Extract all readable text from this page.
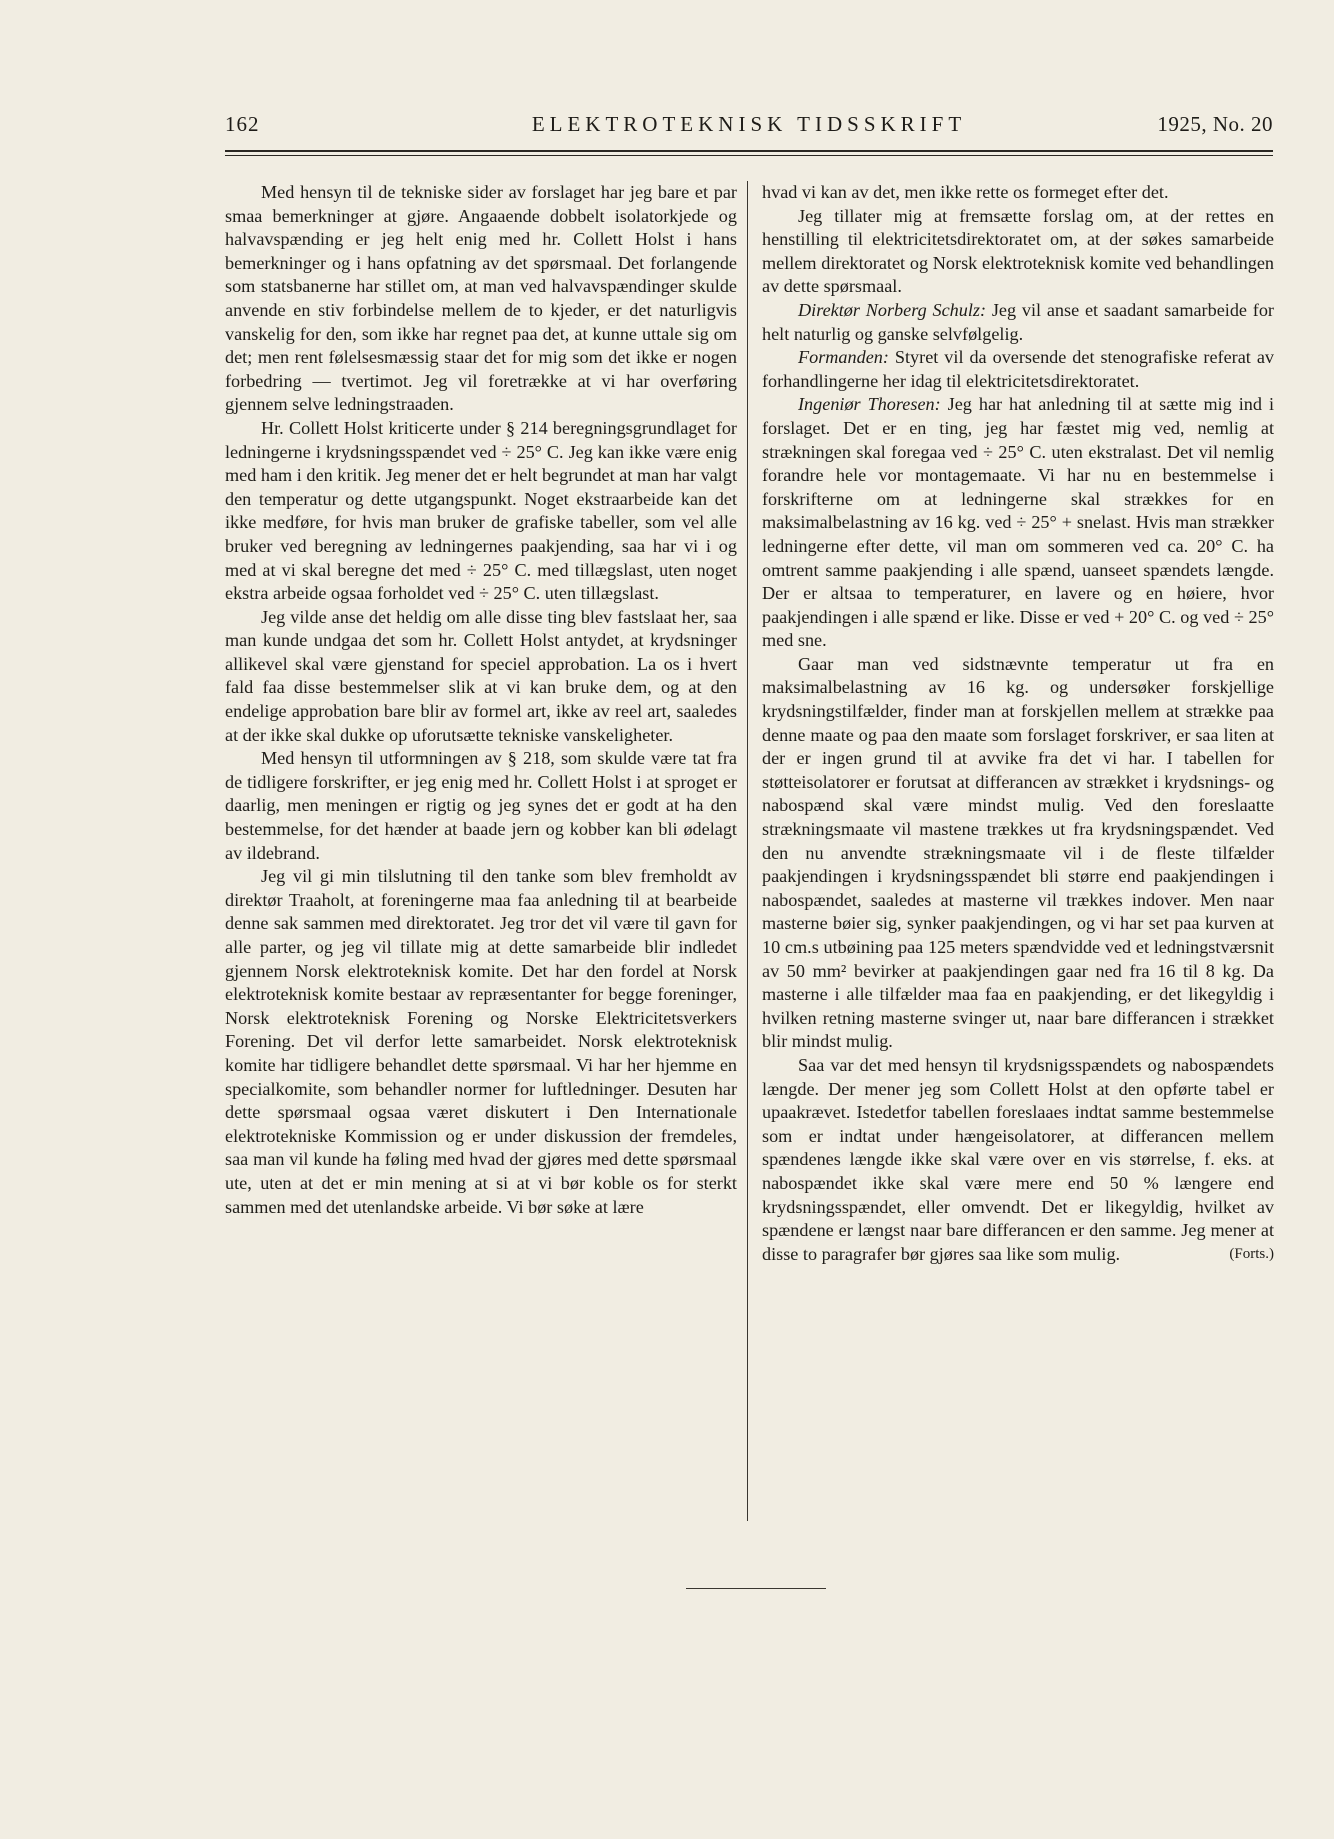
162	ELEKTROTEKNISK TIDSSKRIFT	1925, No. 20

Med hensyn til de tekniske sider av forslaget har jeg bare et par smaa bemerkninger at gjøre. Angaaende dobbelt isolatorkjede og halvavspænding er jeg helt enig med hr. Collett Holst i hans bemerkninger og i hans opfatning av det spørsmaal. Det forlangende som statsbanerne har stillet om, at man ved halvavspændinger skulde anvende en stiv forbindelse mellem de to kjeder, er det naturligvis vanskelig for den, som ikke har regnet paa det, at kunne uttale sig om det; men rent følelsesmæssig staar det for mig som det ikke er nogen forbedring — tvertimot. Jeg vil foretrække at vi har overføring gjennem selve ledningstraaden.

Hr. Collett Holst kriticerte under § 214 beregningsgrundlaget for ledningerne i krydsningsspændet ved ÷ 25° C. Jeg kan ikke være enig med ham i den kritik. Jeg mener det er helt begrundet at man har valgt den temperatur og dette utgangspunkt. Noget ekstraarbeide kan det ikke medføre, for hvis man bruker de grafiske tabeller, som vel alle bruker ved beregning av ledningernes paakjending, saa har vi i og med at vi skal beregne det med ÷ 25° C. med tillægslast, uten noget ekstra arbeide ogsaa forholdet ved ÷ 25° C. uten tillægslast.

Jeg vilde anse det heldig om alle disse ting blev fastslaat her, saa man kunde undgaa det som hr. Collett Holst antydet, at krydsninger allikevel skal være gjenstand for speciel approbation. La os i hvert fald faa disse bestemmelser slik at vi kan bruke dem, og at den endelige approbation bare blir av formel art, ikke av reel art, saaledes at der ikke skal dukke op uforutsætte tekniske vanskeligheter.

Med hensyn til utformningen av § 218, som skulde være tat fra de tidligere forskrifter, er jeg enig med hr. Collett Holst i at sproget er daarlig, men meningen er rigtig og jeg synes det er godt at ha den bestemmelse, for det hænder at baade jern og kobber kan bli ødelagt av ildebrand.

Jeg vil gi min tilslutning til den tanke som blev fremholdt av direktør Traaholt, at foreningerne maa faa anledning til at bearbeide denne sak sammen med direktoratet. Jeg tror det vil være til gavn for alle parter, og jeg vil tillate mig at dette samarbeide blir indledet gjennem Norsk elektroteknisk komite. Det har den fordel at Norsk elektroteknisk komite bestaar av repræsentanter for begge foreninger, Norsk elektroteknisk Forening og Norske Elektricitetsverkers Forening. Det vil derfor lette samarbeidet. Norsk elektroteknisk komite har tidligere behandlet dette spørsmaal. Vi har her hjemme en specialkomite, som behandler normer for luftledninger. Desuten har dette spørsmaal ogsaa været diskutert i Den Internationale elektrotekniske Kommission og er under diskussion der fremdeles, saa man vil kunde ha føling med hvad der gjøres med dette spørsmaal ute, uten at det er min mening at si at vi bør koble os for sterkt sammen med det utenlandske arbeide. Vi bør søke at lære

hvad vi kan av det, men ikke rette os formeget efter det.

Jeg tillater mig at fremsætte forslag om, at der rettes en henstilling til elektricitetsdirektoratet om, at der søkes samarbeide mellem direktoratet og Norsk elektroteknisk komite ved behandlingen av dette spørsmaal.

Direktør Norberg Schulz: Jeg vil anse et saadant samarbeide for helt naturlig og ganske selvfølgelig.

Formanden: Styret vil da oversende det stenografiske referat av forhandlingerne her idag til elektricitetsdirektoratet.

Ingeniør Thoresen: Jeg har hat anledning til at sætte mig ind i forslaget. Det er en ting, jeg har fæstet mig ved, nemlig at strækningen skal foregaa ved ÷ 25° C. uten ekstralast. Det vil nemlig forandre hele vor montagemaate. Vi har nu en bestemmelse i forskrifterne om at ledningerne skal strækkes for en maksimalbelastning av 16 kg. ved ÷ 25° + snelast. Hvis man strækker ledningerne efter dette, vil man om sommeren ved ca. 20° C. ha omtrent samme paakjending i alle spænd, uanseet spændets længde. Der er altsaa to temperaturer, en lavere og en høiere, hvor paakjendingen i alle spænd er like. Disse er ved + 20° C. og ved ÷ 25° med sne.

Gaar man ved sidstnævnte temperatur ut fra en maksimalbelastning av 16 kg. og undersøker forskjellige krydsningstilfælder, finder man at forskjellen mellem at strække paa denne maate og paa den maate som forslaget forskriver, er saa liten at der er ingen grund til at avvike fra det vi har. I tabellen for støtteisolatorer er forutsat at differancen av strækket i krydsnings- og nabospænd skal være mindst mulig. Ved den foreslaatte strækningsmaate vil mastene trækkes ut fra krydsningspændet. Ved den nu anvendte strækningsmaate vil i de fleste tilfælder paakjendingen i krydsningsspændet bli større end paakjendingen i nabospændet, saaledes at masterne vil trækkes indover. Men naar masterne bøier sig, synker paakjendingen, og vi har set paa kurven at 10 cm.s utbøining paa 125 meters spændvidde ved et ledningstværsnit av 50 mm² bevirker at paakjendingen gaar ned fra 16 til 8 kg. Da masterne i alle tilfælder maa faa en paakjending, er det likegyldig i hvilken retning masterne svinger ut, naar bare differancen i strækket blir mindst mulig.

Saa var det med hensyn til krydsnigsspændets og nabospændets længde. Der mener jeg som Collett Holst at den opførte tabel er upaakrævet. Istedetfor tabellen foreslaaes indtat samme bestemmelse som er indtat under hængeisolatorer, at differancen mellem spændenes længde ikke skal være over en vis størrelse, f. eks. at nabospændet ikke skal være mere end 50 % længere end krydsningsspændet, eller omvendt. Det er likegyldig, hvilket av spændene er længst naar bare differancen er den samme. Jeg mener at disse to paragrafer bør gjøres saa like som mulig.	(Forts.)
